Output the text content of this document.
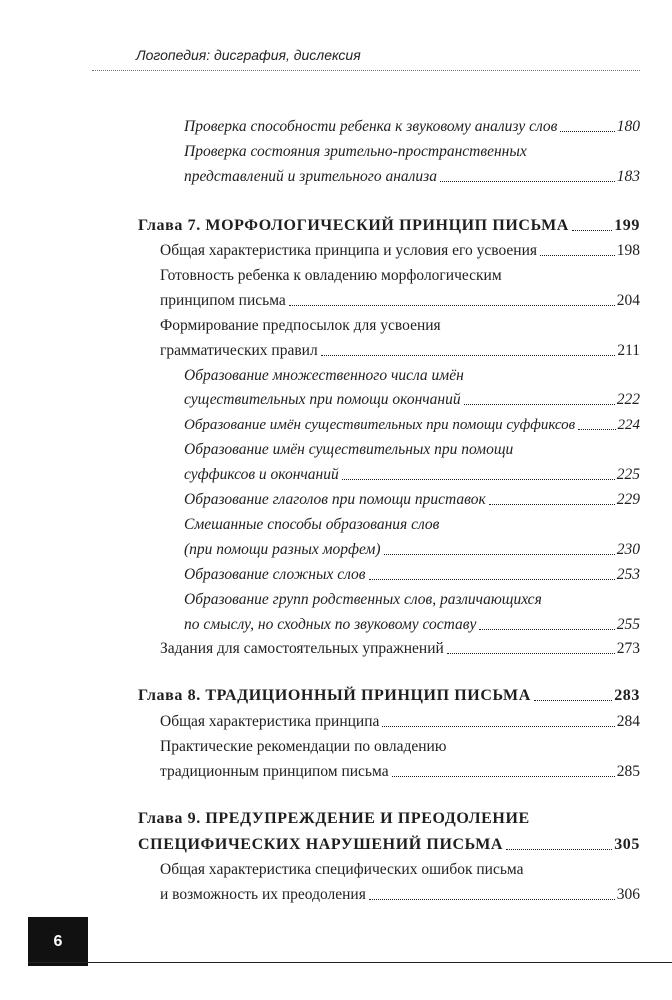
Логопедия: дисграфия, дислексия
Проверка способности ребенка к звуковому анализу слов	180
Проверка состояния зрительно-пространственных
представлений и зрительного анализа	183
Глава 7. МОРФОЛОГИЧЕСКИЙ ПРИНЦИП ПИСЬМА	199
Общая характеристика принципа и условия его усвоения	198
Готовность ребенка к овладению морфологическим
принципом письма	204
Формирование предпосылок для усвоения
грамматических правил	211
Образование множественного числа имён
существительных при помощи окончаний	222
Образование имён существительных при помощи суффиксов	224
Образование имён существительных при помощи
суффиксов и окончаний	225
Образование глаголов при помощи приставок	229
Смешанные способы образования слов
(при помощи разных морфем)	230
Образование сложных слов	253
Образование групп родственных слов, различающихся
по смыслу, но сходных по звуковому составу	255
Задания для самостоятельных упражнений	273
Глава 8. ТРАДИЦИОННЫЙ ПРИНЦИП ПИСЬМА	283
Общая характеристика принципа	284
Практические рекомендации по овладению
традиционным принципом письма	285
Глава 9. ПРЕДУПРЕЖДЕНИЕ И ПРЕОДОЛЕНИЕ
СПЕЦИФИЧЕСКИХ НАРУШЕНИЙ ПИСЬМА	305
Общая характеристика специфических ошибок письма
и возможность их преодоления	306
6
